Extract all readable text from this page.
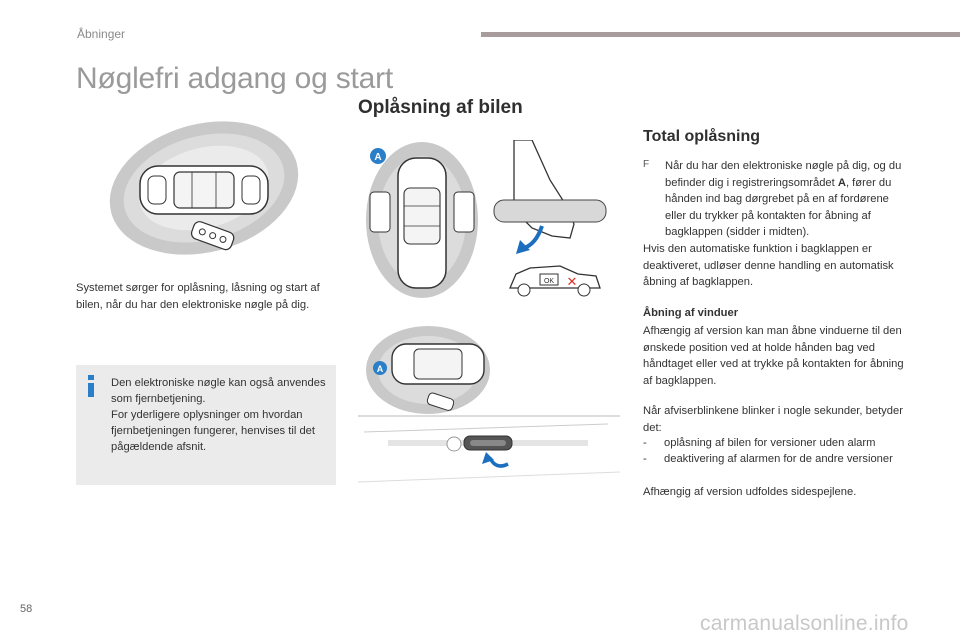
Åbninger
Nøglefri adgang og start
Oplåsning af bilen
A
OK ✕
A

Systemet sørger for oplåsning, låsning og start af bilen, når du har den elektroniske nøgle på dig.

Den elektroniske nøgle kan også anvendes som fjernbetjening.
For yderligere oplysninger om hvordan fjernbetjeningen fungerer, henvises til det pågældende afsnit.
Total oplåsning
F Når du har den elektroniske nøgle på dig, og du befinder dig i registreringsområdet A, fører du hånden ind bag dørgrebet på en af fordørene eller du trykker på kontakten for åbning af bagklappen (sidder i midten).

Hvis den automatiske funktion i bagklappen er deaktiveret, udløser denne handling en automatisk åbning af bagklappen.

Åbning af vinduer

Afhængig af version kan man åbne vinduerne til den ønskede position ved at holde hånden bag ved håndtaget eller ved at trykke på kontakten for åbning af bagklappen.

Når afviserblinkene blinker i nogle sekunder, betyder det:

- oplåsning af bilen for versioner uden alarm
- deaktivering af alarmen for de andre versioner

Afhængig af version udfoldes sidespejlene.

58
carmanualsonline.info
